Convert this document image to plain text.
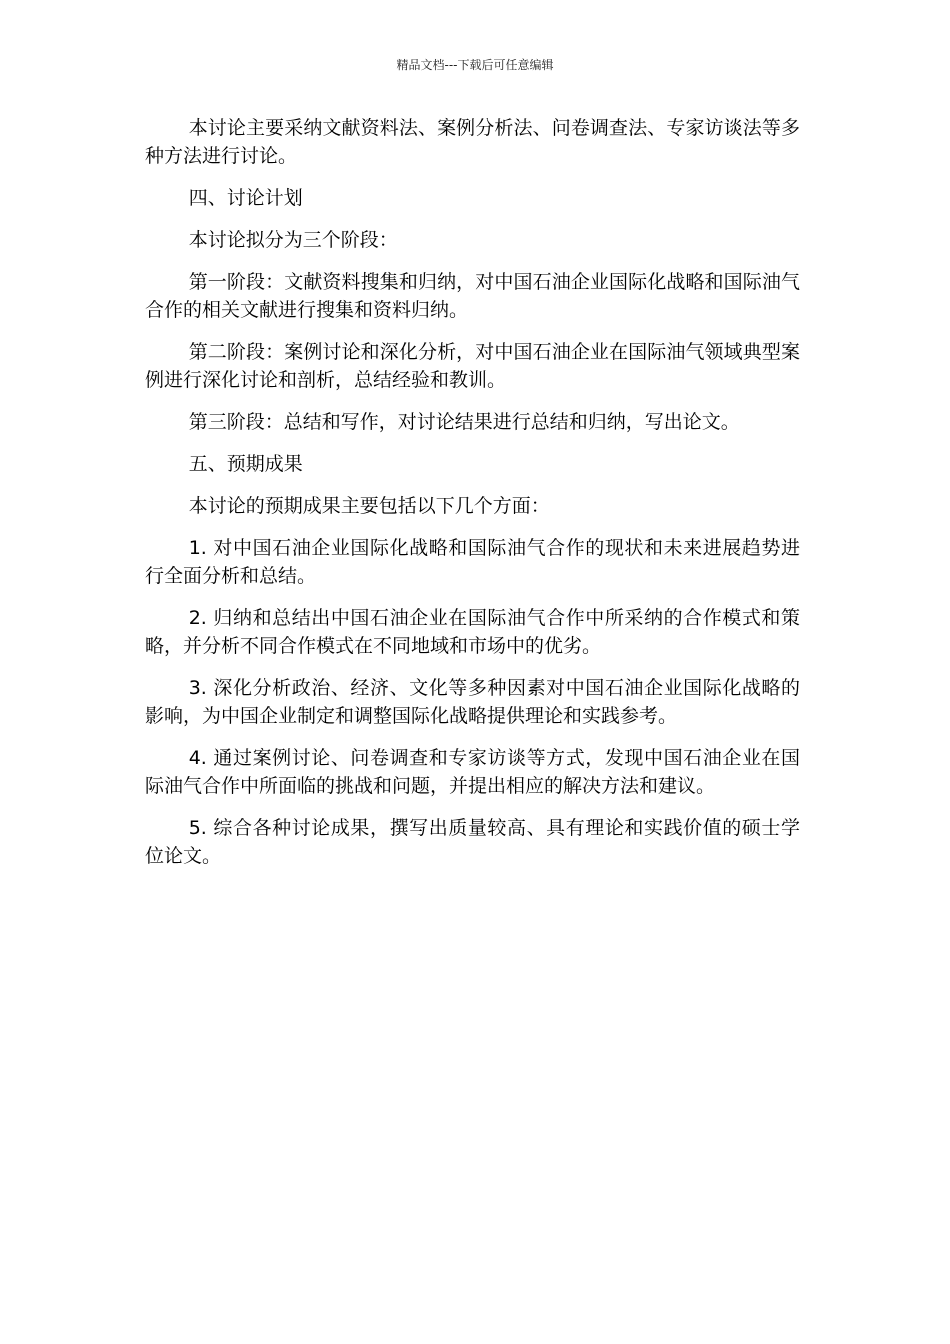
精品文档---下载后可任意编辑

本讨论主要采纳文献资料法、案例分析法、问卷调查法、专家访谈法等多种方法进行讨论。

四、讨论计划

本讨论拟分为三个阶段：

第一阶段：文献资料搜集和归纳，对中国石油企业国际化战略和国际油气合作的相关文献进行搜集和资料归纳。

第二阶段：案例讨论和深化分析，对中国石油企业在国际油气领域典型案例进行深化讨论和剖析，总结经验和教训。

第三阶段：总结和写作，对讨论结果进行总结和归纳，写出论文。

五、预期成果

本讨论的预期成果主要包括以下几个方面：

1. 对中国石油企业国际化战略和国际油气合作的现状和未来进展趋势进行全面分析和总结。

2. 归纳和总结出中国石油企业在国际油气合作中所采纳的合作模式和策略，并分析不同合作模式在不同地域和市场中的优劣。

3. 深化分析政治、经济、文化等多种因素对中国石油企业国际化战略的影响，为中国企业制定和调整国际化战略提供理论和实践参考。

4. 通过案例讨论、问卷调查和专家访谈等方式，发现中国石油企业在国际油气合作中所面临的挑战和问题，并提出相应的解决方法和建议。

5. 综合各种讨论成果，撰写出质量较高、具有理论和实践价值的硕士学位论文。
